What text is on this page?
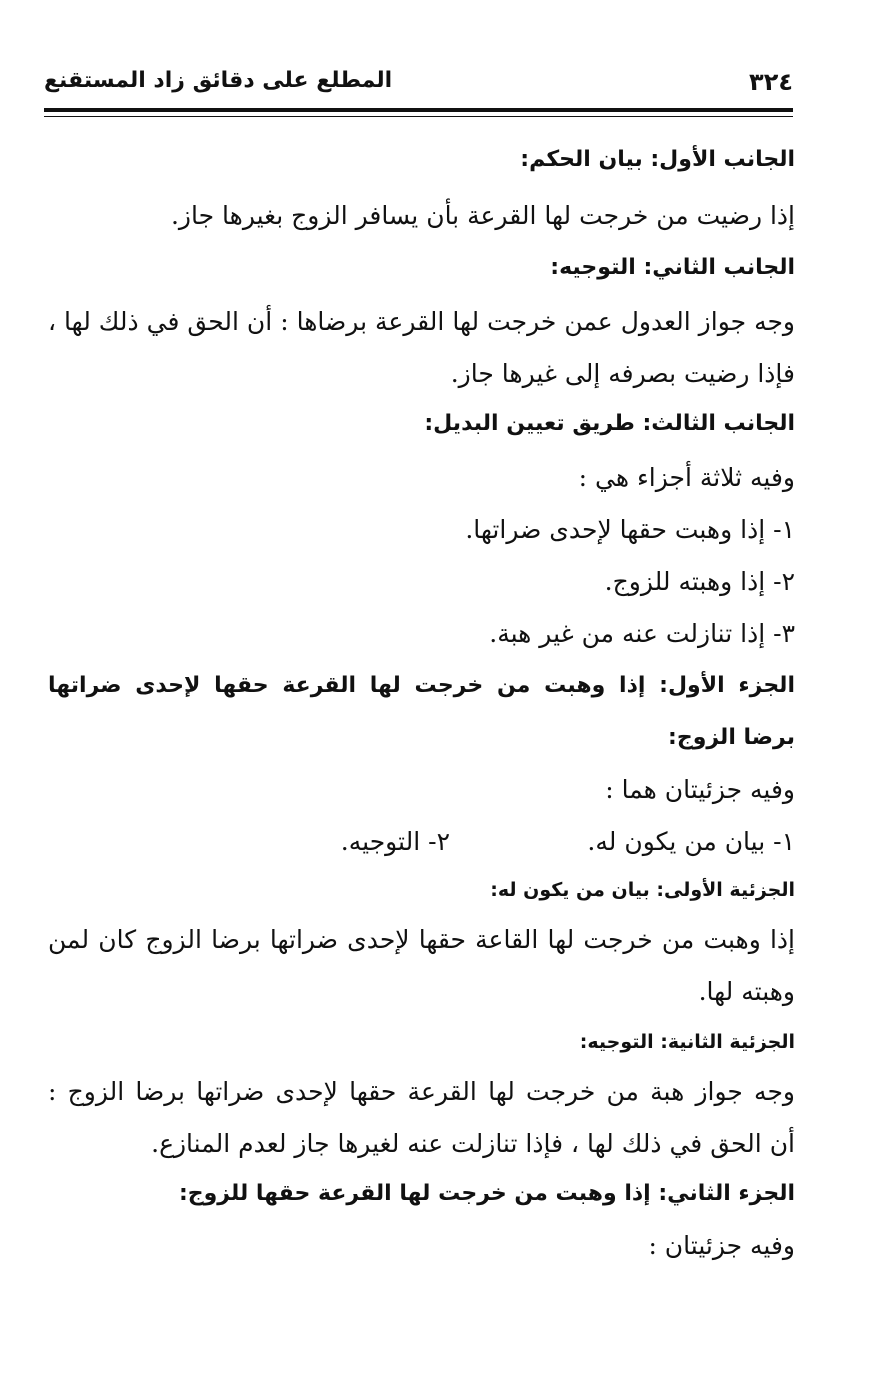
٣٢٤
المطلع على دقائق زاد المستقنع
الجانب الأول: بيان الحكم:
إذا رضيت من خرجت لها القرعة بأن يسافر الزوج بغيرها جاز.
الجانب الثاني: التوجيه:
وجه جواز العدول عمن خرجت لها القرعة برضاها : أن الحق في ذلك لها ،
فإذا رضيت بصرفه إلى غيرها جاز.
الجانب الثالث: طريق تعيين البديل:
وفيه ثلاثة أجزاء هي :
١- إذا وهبت حقها لإحدى ضراتها.
٢- إذا وهبته للزوج.
٣- إذا تنازلت عنه من غير هبة.
الجزء الأول: إذا وهبت من خرجت لها القرعة حقها لإحدى ضراتها
برضا الزوج:
وفيه جزئيتان هما :
١- بيان من يكون له.
٢- التوجيه.
الجزئية الأولى: بيان من يكون له:
إذا وهبت من خرجت لها القاعة حقها لإحدى ضراتها برضا الزوج كان لمن
وهبته لها.
الجزئية الثانية: التوجيه:
وجه جواز هبة من خرجت لها القرعة حقها لإحدى ضراتها برضا الزوج :
أن الحق في ذلك لها ، فإذا تنازلت عنه لغيرها جاز لعدم المنازع.
الجزء الثاني: إذا وهبت من خرجت لها القرعة حقها للزوج:
وفيه جزئيتان :
